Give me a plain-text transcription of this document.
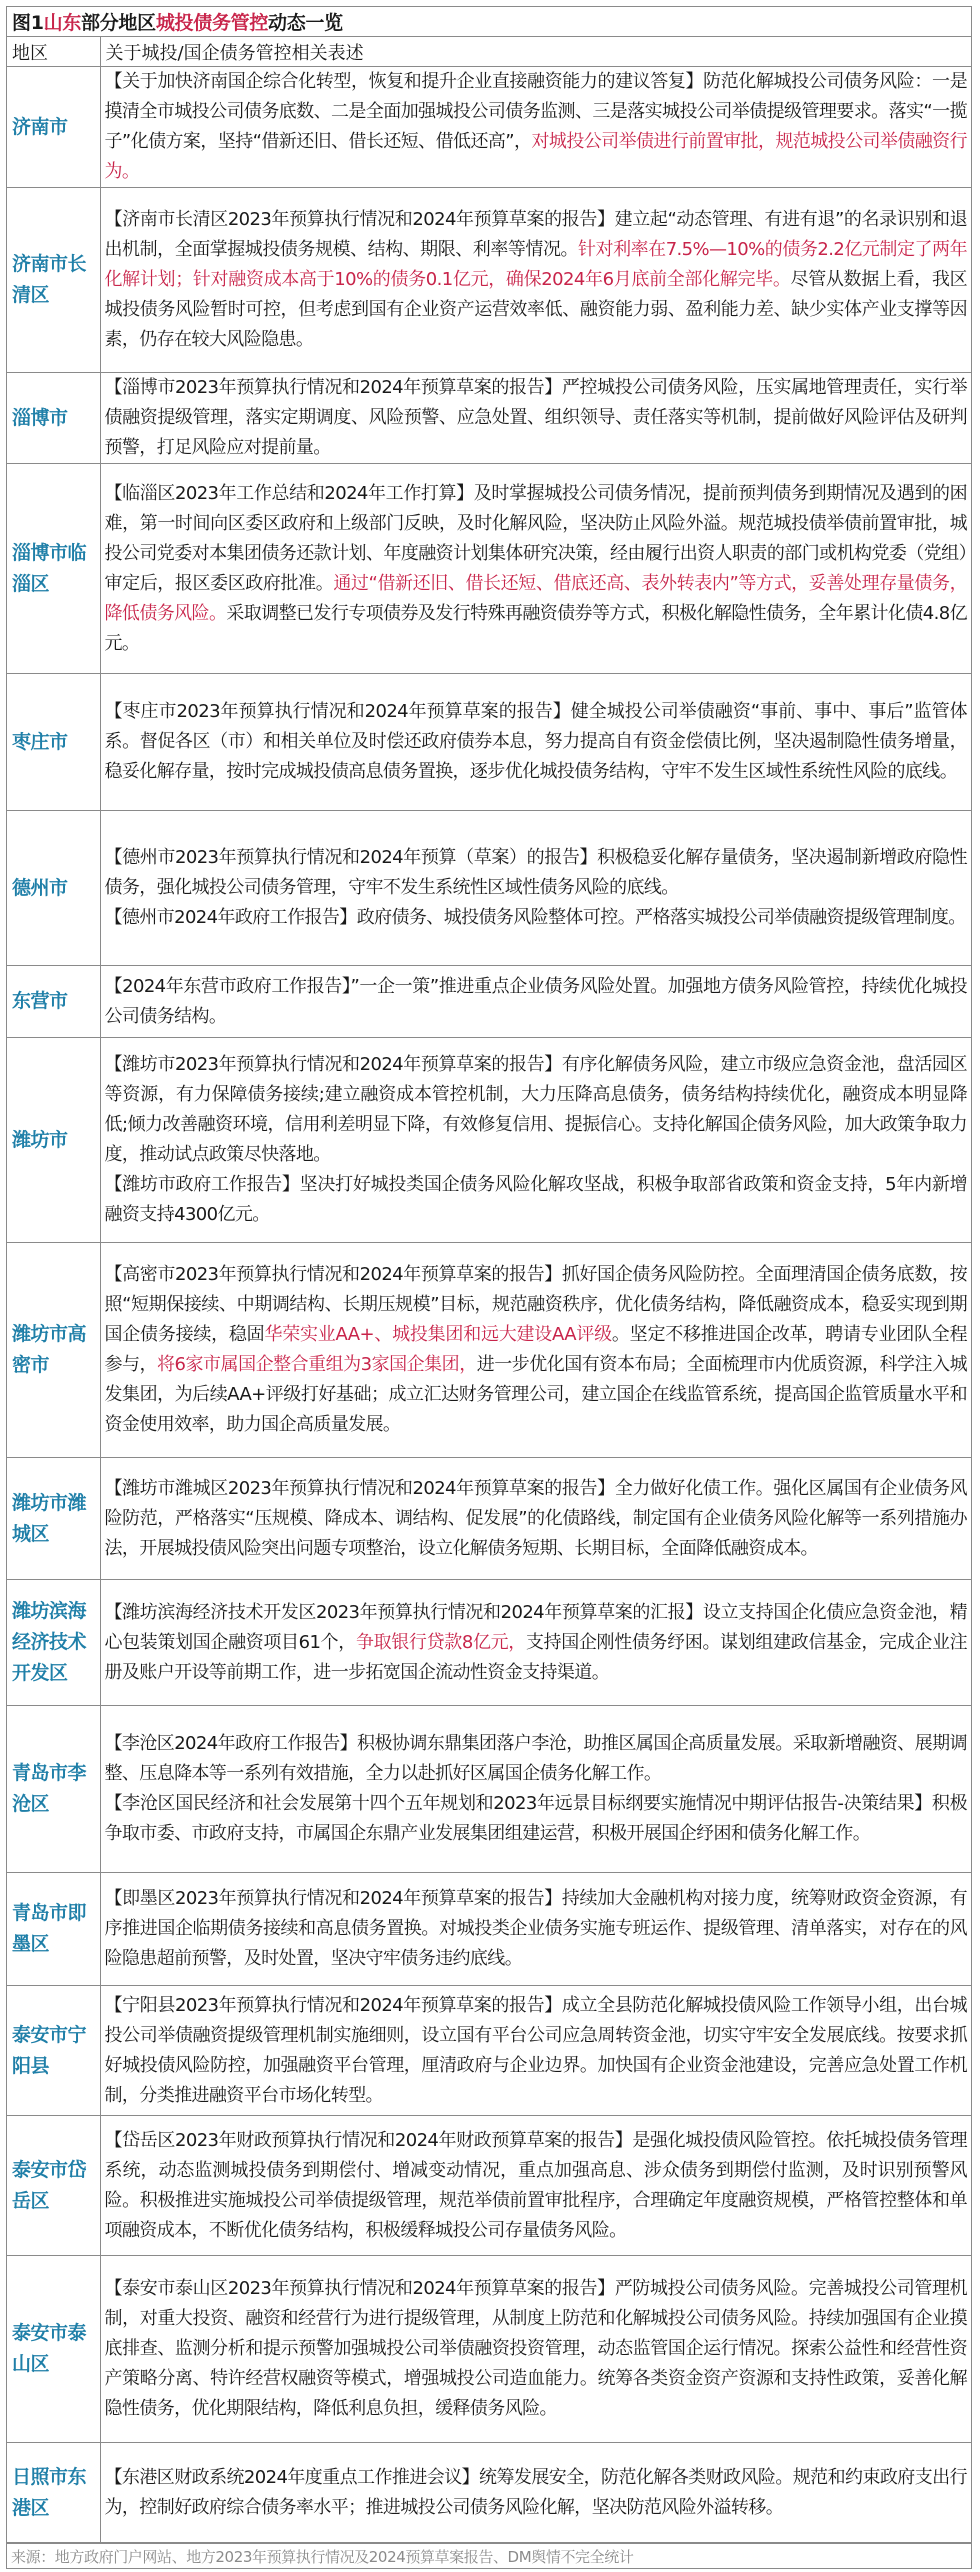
图1 山东 部分地区 城投债务管控 动态一览
地区	关于城投/国企债务管控相关表述
济南市	【关于加快济南国企综合化转型，恢复和提升企业直接融资能力的建议答复】防范化解城投公司债务风险：一是摸清全市城投公司债务底数、二是全面加强城投公司债务监测、三是落实城投公司举债提级管理要求。落实“一揽子”化债方案，坚持“借新还旧、借长还短、借低还高”，对城投公司举债进行前置审批，规范城投公司举债融资行为。
济南市长清区	【济南市长清区2023年预算执行情况和2024年预算草案的报告】建立起“动态管理、有进有退”的名录识别和退出机制，全面掌握城投债务规模、结构、期限、利率等情况。针对利率在7.5%—10%的债务2.2亿元制定了两年化解计划；针对融资成本高于10%的债务0.1亿元，确保2024年6月底前全部化解完毕。尽管从数据上看，我区城投债务风险暂时可控，但考虑到国有企业资产运营效率低、融资能力弱、盈利能力差、缺少实体产业支撑等因素，仍存在较大风险隐患。
淄博市	【淄博市2023年预算执行情况和2024年预算草案的报告】严控城投公司债务风险，压实属地管理责任，实行举债融资提级管理，落实定期调度、风险预警、应急处置、组织领导、责任落实等机制，提前做好风险评估及研判预警，打足风险应对提前量。
淄博市临淄区	【临淄区2023年工作总结和2024年工作打算】及时掌握城投公司债务情况，提前预判债务到期情况及遇到的困难，第一时间向区委区政府和上级部门反映，及时化解风险，坚决防止风险外溢。规范城投债举债前置审批，城投公司党委对本集团债务还款计划、年度融资计划集体研究决策，经由履行出资人职责的部门或机构党委（党组）审定后，报区委区政府批准。通过“借新还旧、借长还短、借底还高、表外转表内”等方式，妥善处理存量债务，降低债务风险。采取调整已发行专项债券及发行特殊再融资债券等方式，积极化解隐性债务，全年累计化债4.8亿元。
枣庄市	【枣庄市2023年预算执行情况和2024年预算草案的报告】健全城投公司举债融资“事前、事中、事后”监管体系。督促各区（市）和相关单位及时偿还政府债券本息，努力提高自有资金偿债比例，坚决遏制隐性债务增量，稳妥化解存量，按时完成城投债高息债务置换，逐步优化城投债务结构，守牢不发生区域性系统性风险的底线。
德州市	【德州市2023年预算执行情况和2024年预算（草案）的报告】积极稳妥化解存量债务，坚决遏制新增政府隐性债务，强化城投公司债务管理，守牢不发生系统性区域性债务风险的底线。
【德州市2024年政府工作报告】政府债务、城投债务风险整体可控。严格落实城投公司举债融资提级管理制度。

东营市	【2024年东营市政府工作报告】”一企一策”推进重点企业债务风险处置。加强地方债务风险管控，持续优化城投公司债务结构。
潍坊市	【潍坊市2023年预算执行情况和2024年预算草案的报告】有序化解债务风险，建立市级应急资金池，盘活园区等资源，有力保障债务接续;建立融资成本管控机制，大力压降高息债务，债务结构持续优化，融资成本明显降低;倾力改善融资环境，信用利差明显下降，有效修复信用、提振信心。支持化解国企债务风险，加大政策争取力度，推动试点政策尽快落地。
【潍坊市政府工作报告】坚决打好城投类国企债务风险化解攻坚战，积极争取部省政策和资金支持，5年内新增融资支持4300亿元。

潍坊市高密市	【高密市2023年预算执行情况和2024年预算草案的报告】抓好国企债务风险防控。全面理清国企债务底数，按照“短期保接续、中期调结构、长期压规模”目标，规范融资秩序，优化债务结构，降低融资成本，稳妥实现到期国企债务接续，稳固华荣实业AA+、城投集团和远大建设AA评级。坚定不移推进国企改革，聘请专业团队全程参与，将6家市属国企整合重组为3家国企集团，进一步优化国有资本布局；全面梳理市内优质资源，科学注入城发集团，为后续AA+评级打好基础；成立汇达财务管理公司，建立国企在线监管系统，提高国企监管质量水平和资金使用效率，助力国企高质量发展。
潍坊市潍城区	【潍坊市潍城区2023年预算执行情况和2024年预算草案的报告】全力做好化债工作。强化区属国有企业债务风险防范，严格落实“压规模、降成本、调结构、促发展”的化债路线，制定国有企业债务风险化解等一系列措施办法，开展城投债风险突出问题专项整治，设立化解债务短期、长期目标，全面降低融资成本。
潍坊滨海经济技术开发区	【潍坊滨海经济技术开发区2023年预算执行情况和2024年预算草案的汇报】设立支持国企化债应急资金池，精心包装策划国企融资项目61个，争取银行贷款8亿元，支持国企刚性债务纾困。谋划组建政信基金，完成企业注册及账户开设等前期工作，进一步拓宽国企流动性资金支持渠道。
青岛市李沧区	【李沧区2024年政府工作报告】积极协调东鼎集团落户李沧，助推区属国企高质量发展。采取新增融资、展期调整、压息降本等一系列有效措施，全力以赴抓好区属国企债务化解工作。
【李沧区国民经济和社会发展第十四个五年规划和2023年远景目标纲要实施情况中期评估报告-决策结果】积极争取市委、市政府支持，市属国企东鼎产业发展集团组建运营，积极开展国企纾困和债务化解工作。

青岛市即墨区	【即墨区2023年预算执行情况和2024年预算草案的报告】持续加大金融机构对接力度，统筹财政资金资源，有序推进国企临期债务接续和高息债务置换。对城投类企业债务实施专班运作、提级管理、清单落实，对存在的风险隐患超前预警，及时处置，坚决守牢债务违约底线。
泰安市宁阳县	【宁阳县2023年预算执行情况和2024年预算草案的报告】成立全县防范化解城投债风险工作领导小组，出台城投公司举债融资提级管理机制实施细则，设立国有平台公司应急周转资金池，切实守牢安全发展底线。按要求抓好城投债风险防控，加强融资平台管理，厘清政府与企业边界。加快国有企业资金池建设，完善应急处置工作机制，分类推进融资平台市场化转型。
泰安市岱岳区	【岱岳区2023年财政预算执行情况和2024年财政预算草案的报告】是强化城投债风险管控。依托城投债务管理系统，动态监测城投债务到期偿付、增减变动情况，重点加强高息、涉众债务到期偿付监测，及时识别预警风险。积极推进实施城投公司举债提级管理，规范举债前置审批程序，合理确定年度融资规模，严格管控整体和单项融资成本，不断优化债务结构，积极缓释城投公司存量债务风险。
泰安市泰山区	【泰安市泰山区2023年预算执行情况和2024年预算草案的报告】严防城投公司债务风险。完善城投公司管理机制，对重大投资、融资和经营行为进行提级管理，从制度上防范和化解城投公司债务风险。持续加强国有企业摸底排查、监测分析和提示预警加强城投公司举债融资投资管理，动态监管国企运行情况。探索公益性和经营性资产策略分离、特许经营权融资等模式，增强城投公司造血能力。统筹各类资金资产资源和支持性政策，妥善化解隐性债务，优化期限结构，降低利息负担，缓释债务风险。
日照市东港区	【东港区财政系统2024年度重点工作推进会议】统筹发展安全，防范化解各类财政风险。规范和约束政府支出行为，控制好政府综合债务率水平；推进城投公司债务风险化解，坚决防范风险外溢转移。
来源：地方政府门户网站、地方2023年预算执行情况及2024预算草案报告、DM舆情不完全统计
